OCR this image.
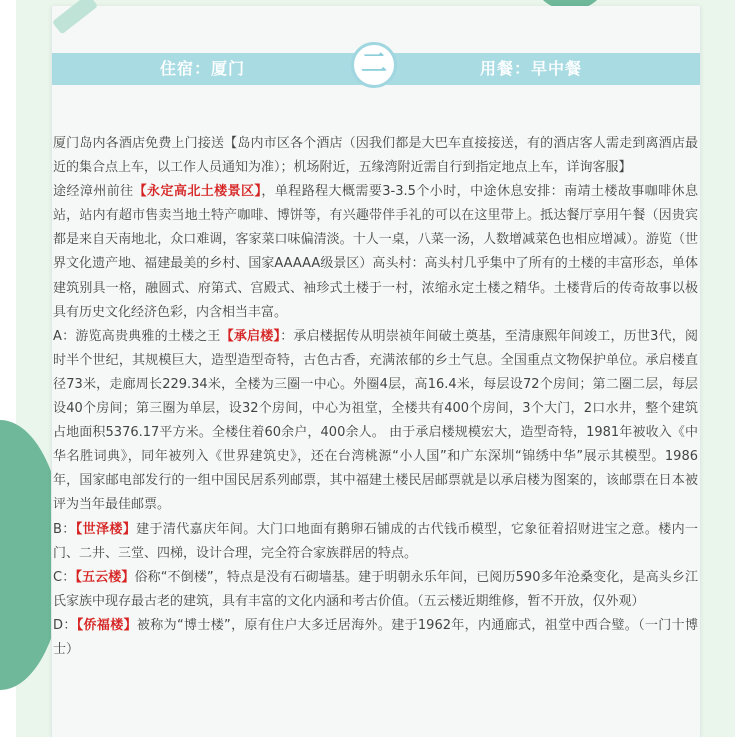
住宿：厦门	用餐：早中餐
二

厦门岛内各酒店免费上门接送【岛内市区各个酒店（因我们都是大巴车直接接送，有的酒店客人需走到离酒店最近的集合点上车，以工作人员通知为准）；机场附近，五缘湾附近需自行到指定地点上车，详询客服】

途经漳州前往【永定高北土楼景区】，单程路程大概需要3-3.5个小时，中途休息安排：南靖土楼故事咖啡休息站，站内有超市售卖当地土特产咖啡、博饼等，有兴趣带伴手礼的可以在这里带上。抵达餐厅享用午餐（因贵宾都是来自天南地北，众口难调，客家菜口味偏清淡。十人一桌，八菜一汤，人数增减菜色也相应增减）。游览（世界文化遗产地、福建最美的乡村、国家AAAAA级景区）高头村：高头村几乎集中了所有的土楼的丰富形态，单体建筑别具一格，融圆式、府第式、宫殿式、袖珍式土楼于一村，浓缩永定土楼之精华。土楼背后的传奇故事以极具有历史文化经济色彩，内含相当丰富。

A：游览高贵典雅的土楼之王【承启楼】：承启楼据传从明崇祯年间破土奠基，至清康熙年间竣工，历世3代，阅时半个世纪，其规模巨大，造型造型奇特，古色古香，充满浓郁的乡土气息。全国重点文物保护单位。承启楼直径73米，走廊周长229.34米，全楼为三圈一中心。外圈4层，高16.4米，每层设72个房间；第二圈二层，每层设40个房间；第三圈为单层，设32个房间，中心为祖堂，全楼共有400个房间，3个大门，2口水井，整个建筑占地面积5376.17平方米。全楼住着60余户，400余人。 由于承启楼规模宏大，造型奇特，1981年被收入《中华名胜词典》，同年被列入《世界建筑史》，还在台湾桃源“小人国”和广东深圳“锦绣中华”展示其模型。1986年，国家邮电部发行的一组中国民居系列邮票，其中福建土楼民居邮票就是以承启楼为图案的，该邮票在日本被评为当年最佳邮票。

B：【世泽楼】建于清代嘉庆年间。大门口地面有鹅卵石铺成的古代钱币模型，它象征着招财进宝之意。楼内一门、二井、三堂、四梯，设计合理，完全符合家族群居的特点。

C：【五云楼】俗称“不倒楼”，特点是没有石砌墙基。建于明朝永乐年间，已阅历590多年沧桑变化，是高头乡江氏家族中现存最古老的建筑，具有丰富的文化内涵和考古价值。（五云楼近期维修，暂不开放，仅外观）

D：【侨福楼】被称为“博士楼”，原有住户大多迁居海外。建于1962年，内通廊式，祖堂中西合璧。（一门十博士）
